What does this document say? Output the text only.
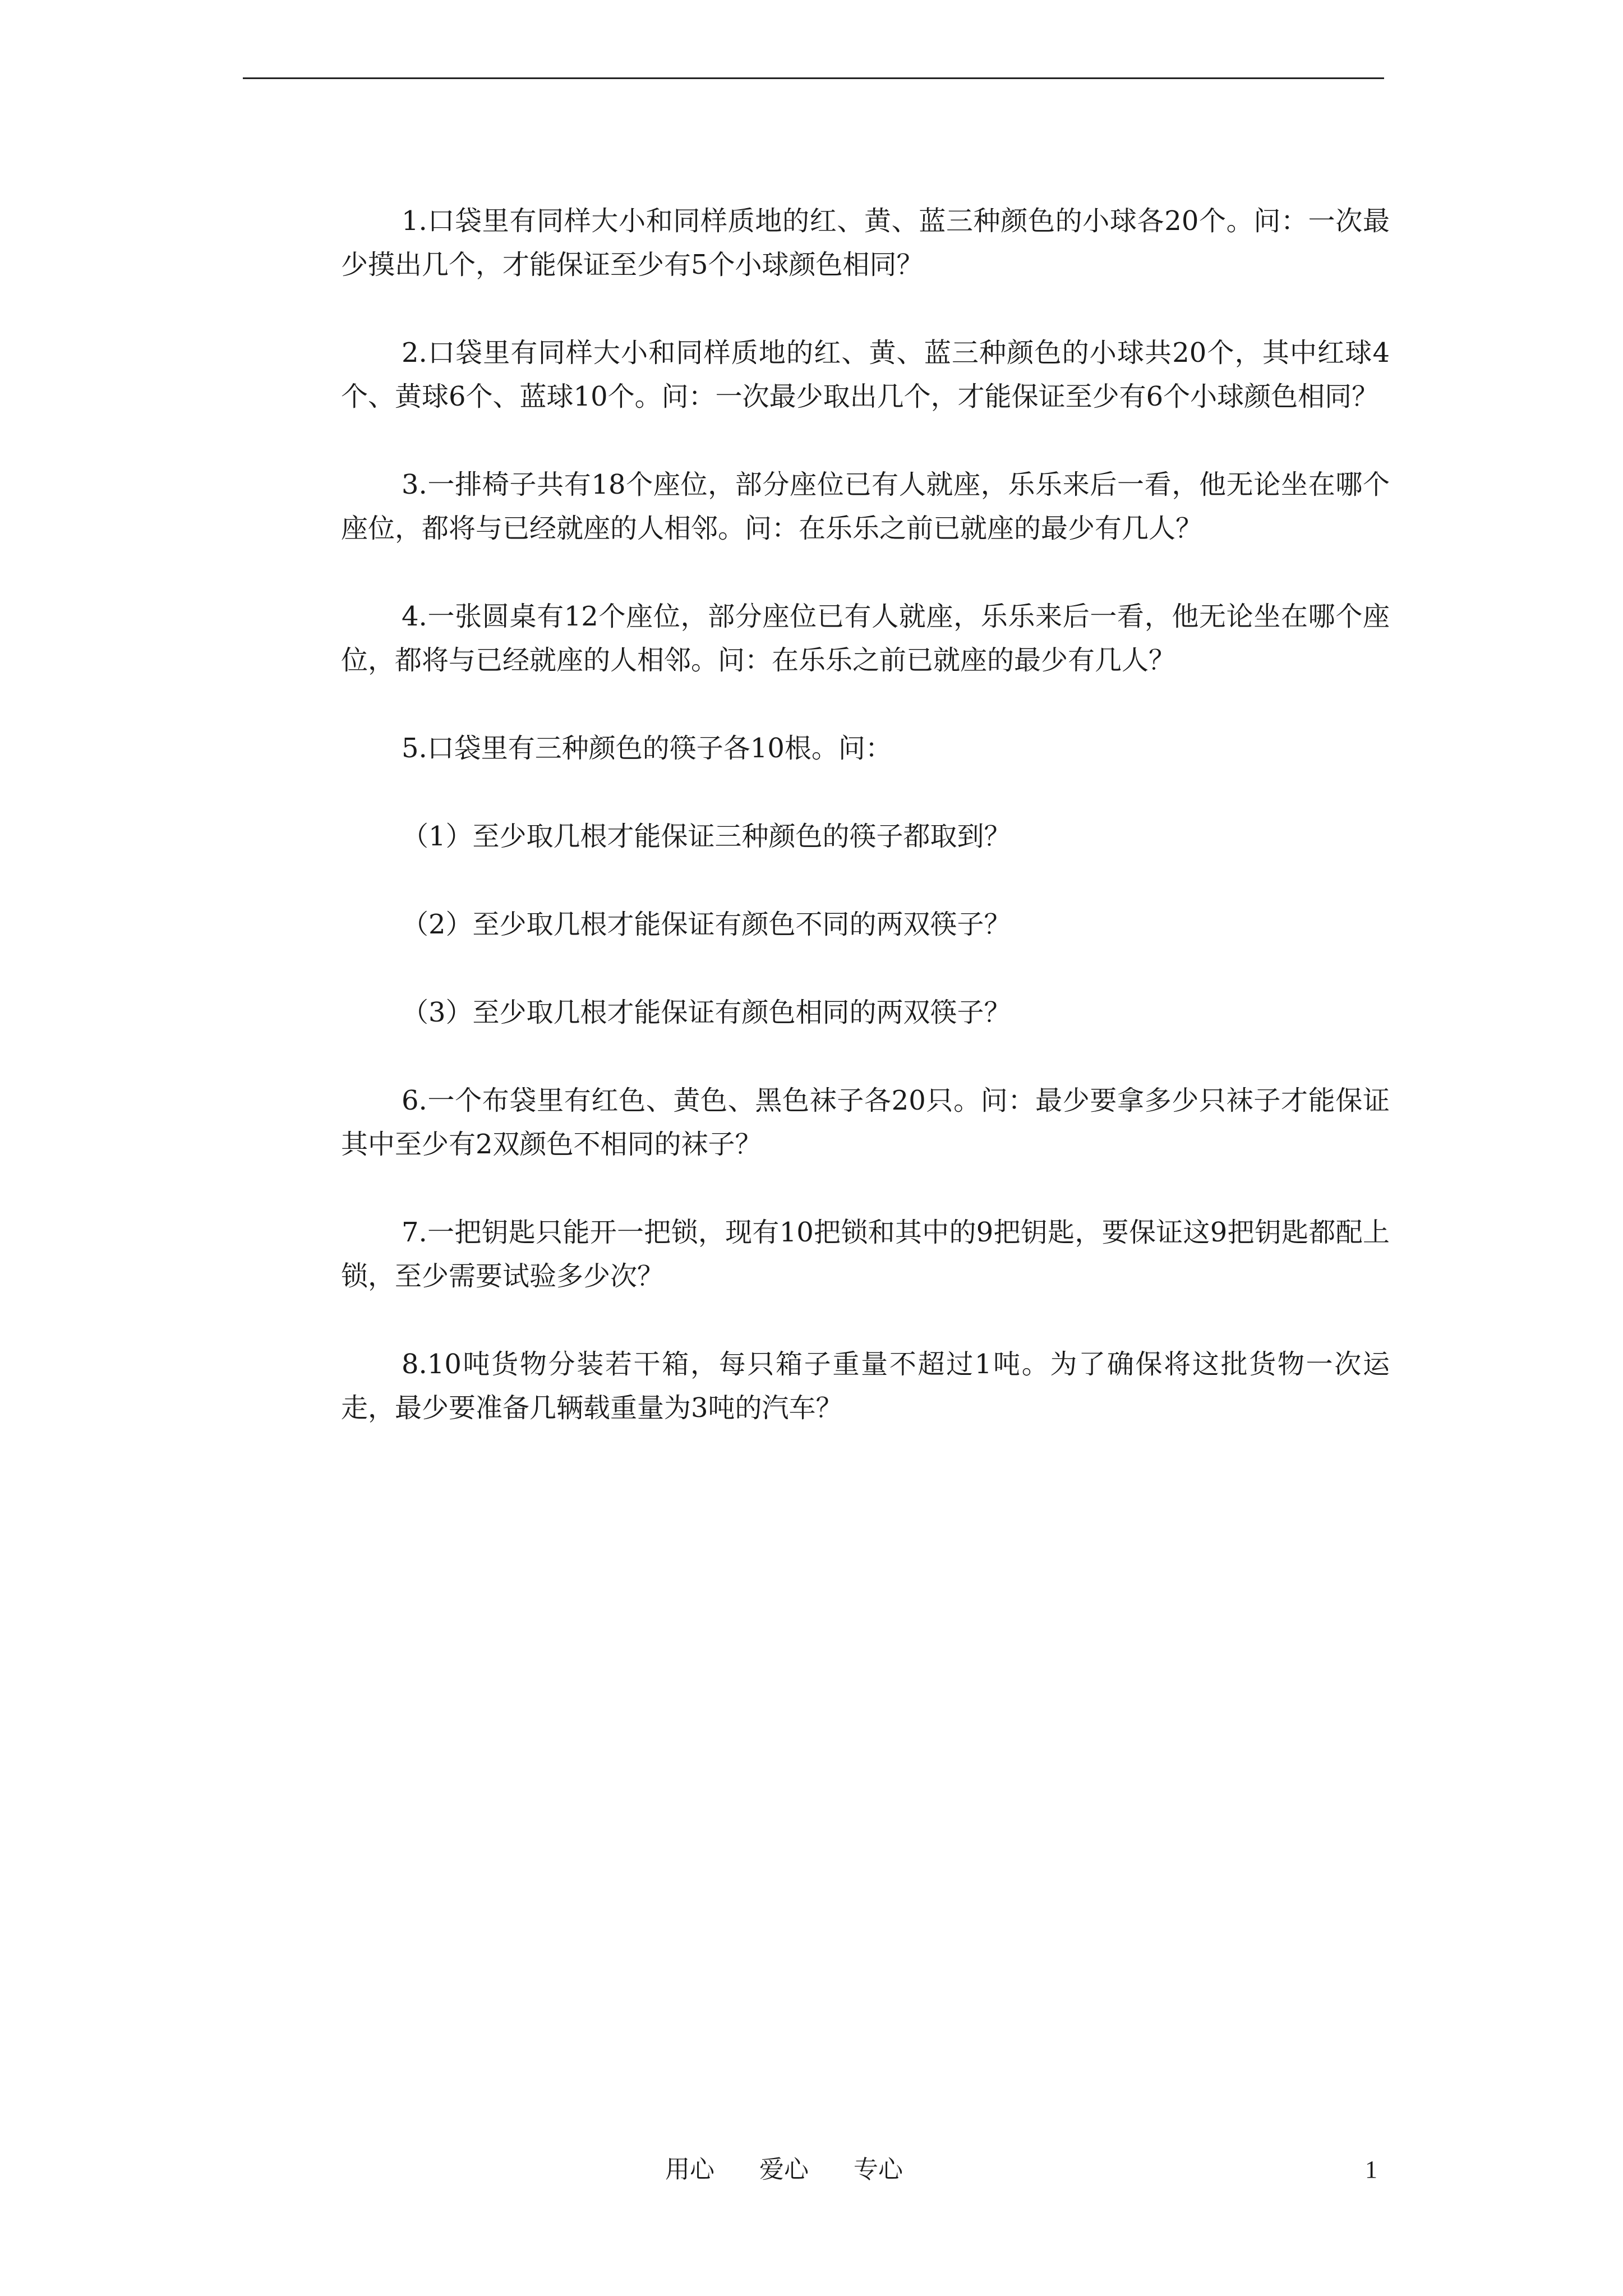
1.口袋里有同样大小和同样质地的红、黄、蓝三种颜色的小球各20个。问：一次最少摸出几个，才能保证至少有5个小球颜色相同？

2.口袋里有同样大小和同样质地的红、黄、蓝三种颜色的小球共20个，其中红球4个、黄球6个、蓝球10个。问：一次最少取出几个，才能保证至少有6个小球颜色相同？

3.一排椅子共有18个座位，部分座位已有人就座，乐乐来后一看，他无论坐在哪个座位，都将与已经就座的人相邻。问：在乐乐之前已就座的最少有几人？

4.一张圆桌有12个座位，部分座位已有人就座，乐乐来后一看，他无论坐在哪个座位，都将与已经就座的人相邻。问：在乐乐之前已就座的最少有几人？

5.口袋里有三种颜色的筷子各10根。问：

（1）至少取几根才能保证三种颜色的筷子都取到？

（2）至少取几根才能保证有颜色不同的两双筷子？

（3）至少取几根才能保证有颜色相同的两双筷子？

6.一个布袋里有红色、黄色、黑色袜子各20只。问：最少要拿多少只袜子才能保证其中至少有2双颜色不相同的袜子？

7.一把钥匙只能开一把锁，现有10把锁和其中的9把钥匙，要保证这9把钥匙都配上锁，至少需要试验多少次？

8.10吨货物分装若干箱，每只箱子重量不超过1吨。为了确保将这批货物一次运走，最少要准备几辆载重量为3吨的汽车？

用心 爱心 专心	1
